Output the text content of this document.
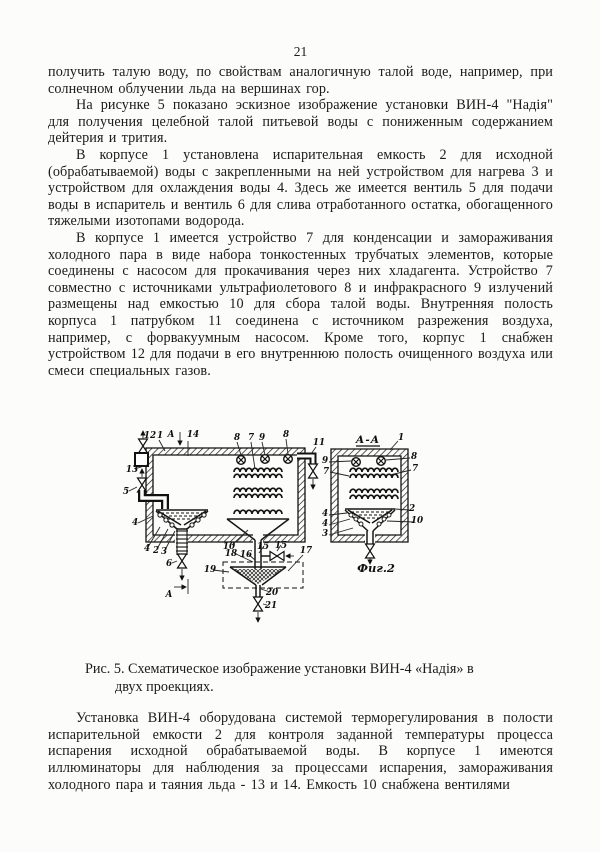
21

получить талую воду, по свойствам аналогичную талой воде, например, при солнечном облучении льда на вершинах гор.

На рисунке 5 показано эскизное изображение установки ВИН-4 "Надія" для получения целебной талой питьевой воды с пониженным содержанием дейтерия и трития.

В корпусе 1 установлена испарительная емкость 2 для исходной (обрабатываемой) воды с закрепленными на ней устройством для нагрева 3 и устройством для охлаждения воды 4. Здесь же имеется вентиль 5 для подачи воды в испаритель и вентиль 6 для слива отработанного остатка, обогащенного тяжелыми изотопами водорода.

В корпусе 1 имеется устройство 7 для конденсации и замораживания холодного пара в виде набора тонкостенных трубчатых элементов, которые соединены с насосом для прокачивания через них хладагента. Устройство 7 совместно с источниками ультрафиолетового 8 и инфракрасного 9 излучений размещены над емкостью 10 для сбора талой воды. Внутренняя полость корпуса 1 патрубком 11 соединена с источником разрежения воздуха, например, с форвакуумным насосом. Кроме того, корпус 1 снабжен устройством 12 для подачи в его внутреннюю полость очищенного воздуха или смеси специальных газов.

12 1 А 14	8 7 9 8
11
13
5
4
4 2 3
6
А
10
18 16
15 15 17
19
20
21
А-А 1
9
7
8
7
4
4
3
2
10
Фиг.2
Рис. 5. Схематическое изображение установки ВИН-4 «Надія» в
двух проекциях.

Установка ВИН-4 оборудована системой терморегулирования в полости испарительной емкости 2 для контроля заданной температуры процесса испарения исходной обрабатываемой воды. В корпусе 1 имеются иллюминаторы для наблюдения за процессами испарения, замораживания холодного пара и таяния льда - 13 и 14. Емкость 10 снабжена вентилями
